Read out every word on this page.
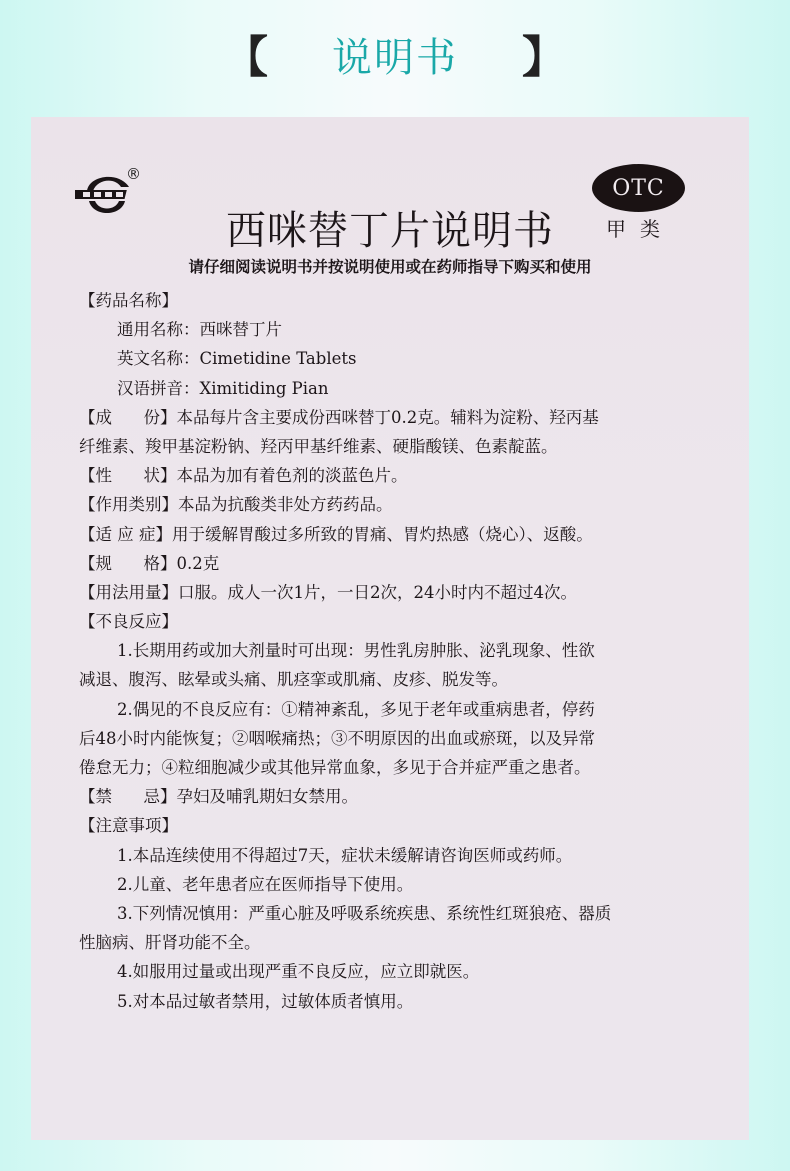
【 说明书 】
®
OTC
甲类
西咪替丁片说明书
请仔细阅读说明书并按说明使用或在药师指导下购买和使用
【药品名称】
通用名称：西咪替丁片
英文名称：Cimetidine Tablets
汉语拼音：Ximitiding Pian
【成      份】本品每片含主要成份西咪替丁0.2克。辅料为淀粉、羟丙基
纤维素、羧甲基淀粉钠、羟丙甲基纤维素、硬脂酸镁、色素靛蓝。
【性      状】本品为加有着色剂的淡蓝色片。
【作用类别】本品为抗酸类非处方药药品。
【适 应 症】用于缓解胃酸过多所致的胃痛、胃灼热感（烧心）、返酸。
【规      格】0.2克
【用法用量】口服。成人一次1片，一日2次，24小时内不超过4次。
【不良反应】
1.长期用药或加大剂量时可出现：男性乳房肿胀、泌乳现象、性欲
减退、腹泻、眩晕或头痛、肌痉挛或肌痛、皮疹、脱发等。
2.偶见的不良反应有：①精神紊乱，多见于老年或重病患者，停药
后48小时内能恢复；②咽喉痛热；③不明原因的出血或瘀斑，以及异常
倦怠无力；④粒细胞减少或其他异常血象，多见于合并症严重之患者。
【禁      忌】孕妇及哺乳期妇女禁用。
【注意事项】
1.本品连续使用不得超过7天，症状未缓解请咨询医师或药师。
2.儿童、老年患者应在医师指导下使用。
3.下列情况慎用：严重心脏及呼吸系统疾患、系统性红斑狼疮、器质
性脑病、肝肾功能不全。
4.如服用过量或出现严重不良反应，应立即就医。
5.对本品过敏者禁用，过敏体质者慎用。
